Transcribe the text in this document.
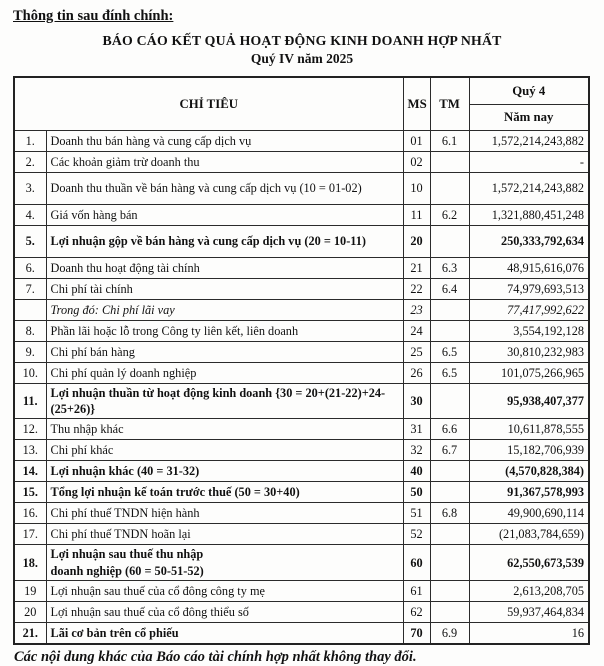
Thông tin sau đính chính:
BÁO CÁO KẾT QUẢ HOẠT ĐỘNG KINH DOANH HỢP NHẤT
Quý IV năm 2025
CHỈ TIÊU		MS	TM	Quý 4
				Năm nay
1.	Doanh thu bán hàng và cung cấp dịch vụ	01	6.1	1,572,214,243,882
2.	Các khoản giảm trừ doanh thu	02		-
3.	Doanh thu thuần về bán hàng và cung cấp dịch vụ (10 = 01-02)	10		1,572,214,243,882
4.	Giá vốn hàng bán	11	6.2	1,321,880,451,248
5.	Lợi nhuận gộp về bán hàng và cung cấp dịch vụ (20 = 10-11)	20		250,333,792,634
6.	Doanh thu hoạt động tài chính	21	6.3	48,915,616,076
7.	Chi phí tài chính	22	6.4	74,979,693,513
	Trong đó: Chi phí lãi vay	23		77,417,992,622
8.	Phần lãi hoặc lỗ trong Công ty liên kết, liên doanh	24		3,554,192,128
9.	Chi phí bán hàng	25	6.5	30,810,232,983
10.	Chi phí quản lý doanh nghiệp	26	6.5	101,075,266,965
11.	Lợi nhuận thuần từ hoạt động kinh doanh {30 = 20+(21-22)+24-(25+26)}	30		95,938,407,377
12.	Thu nhập khác	31	6.6	10,611,878,555
13.	Chi phí khác	32	6.7	15,182,706,939
14.	Lợi nhuận khác (40 = 31-32)	40		(4,570,828,384)
15.	Tổng lợi nhuận kế toán trước thuế (50 = 30+40)	50		91,367,578,993
16.	Chi phí thuế TNDN hiện hành	51	6.8	49,900,690,114
17.	Chi phí thuế TNDN hoãn lại	52		(21,083,784,659)
18.	Lợi nhuận sau thuế thu nhập
doanh nghiệp (60 = 50-51-52)	60		62,550,673,539
19	Lợi nhuận sau thuế của cổ đông công ty mẹ	61		2,613,208,705
20	Lợi nhuận sau thuế của cổ đông thiểu số	62		59,937,464,834
21.	Lãi cơ bản trên cổ phiếu	70	6.9	16
Các nội dung khác của Báo cáo tài chính hợp nhất không thay đổi.
